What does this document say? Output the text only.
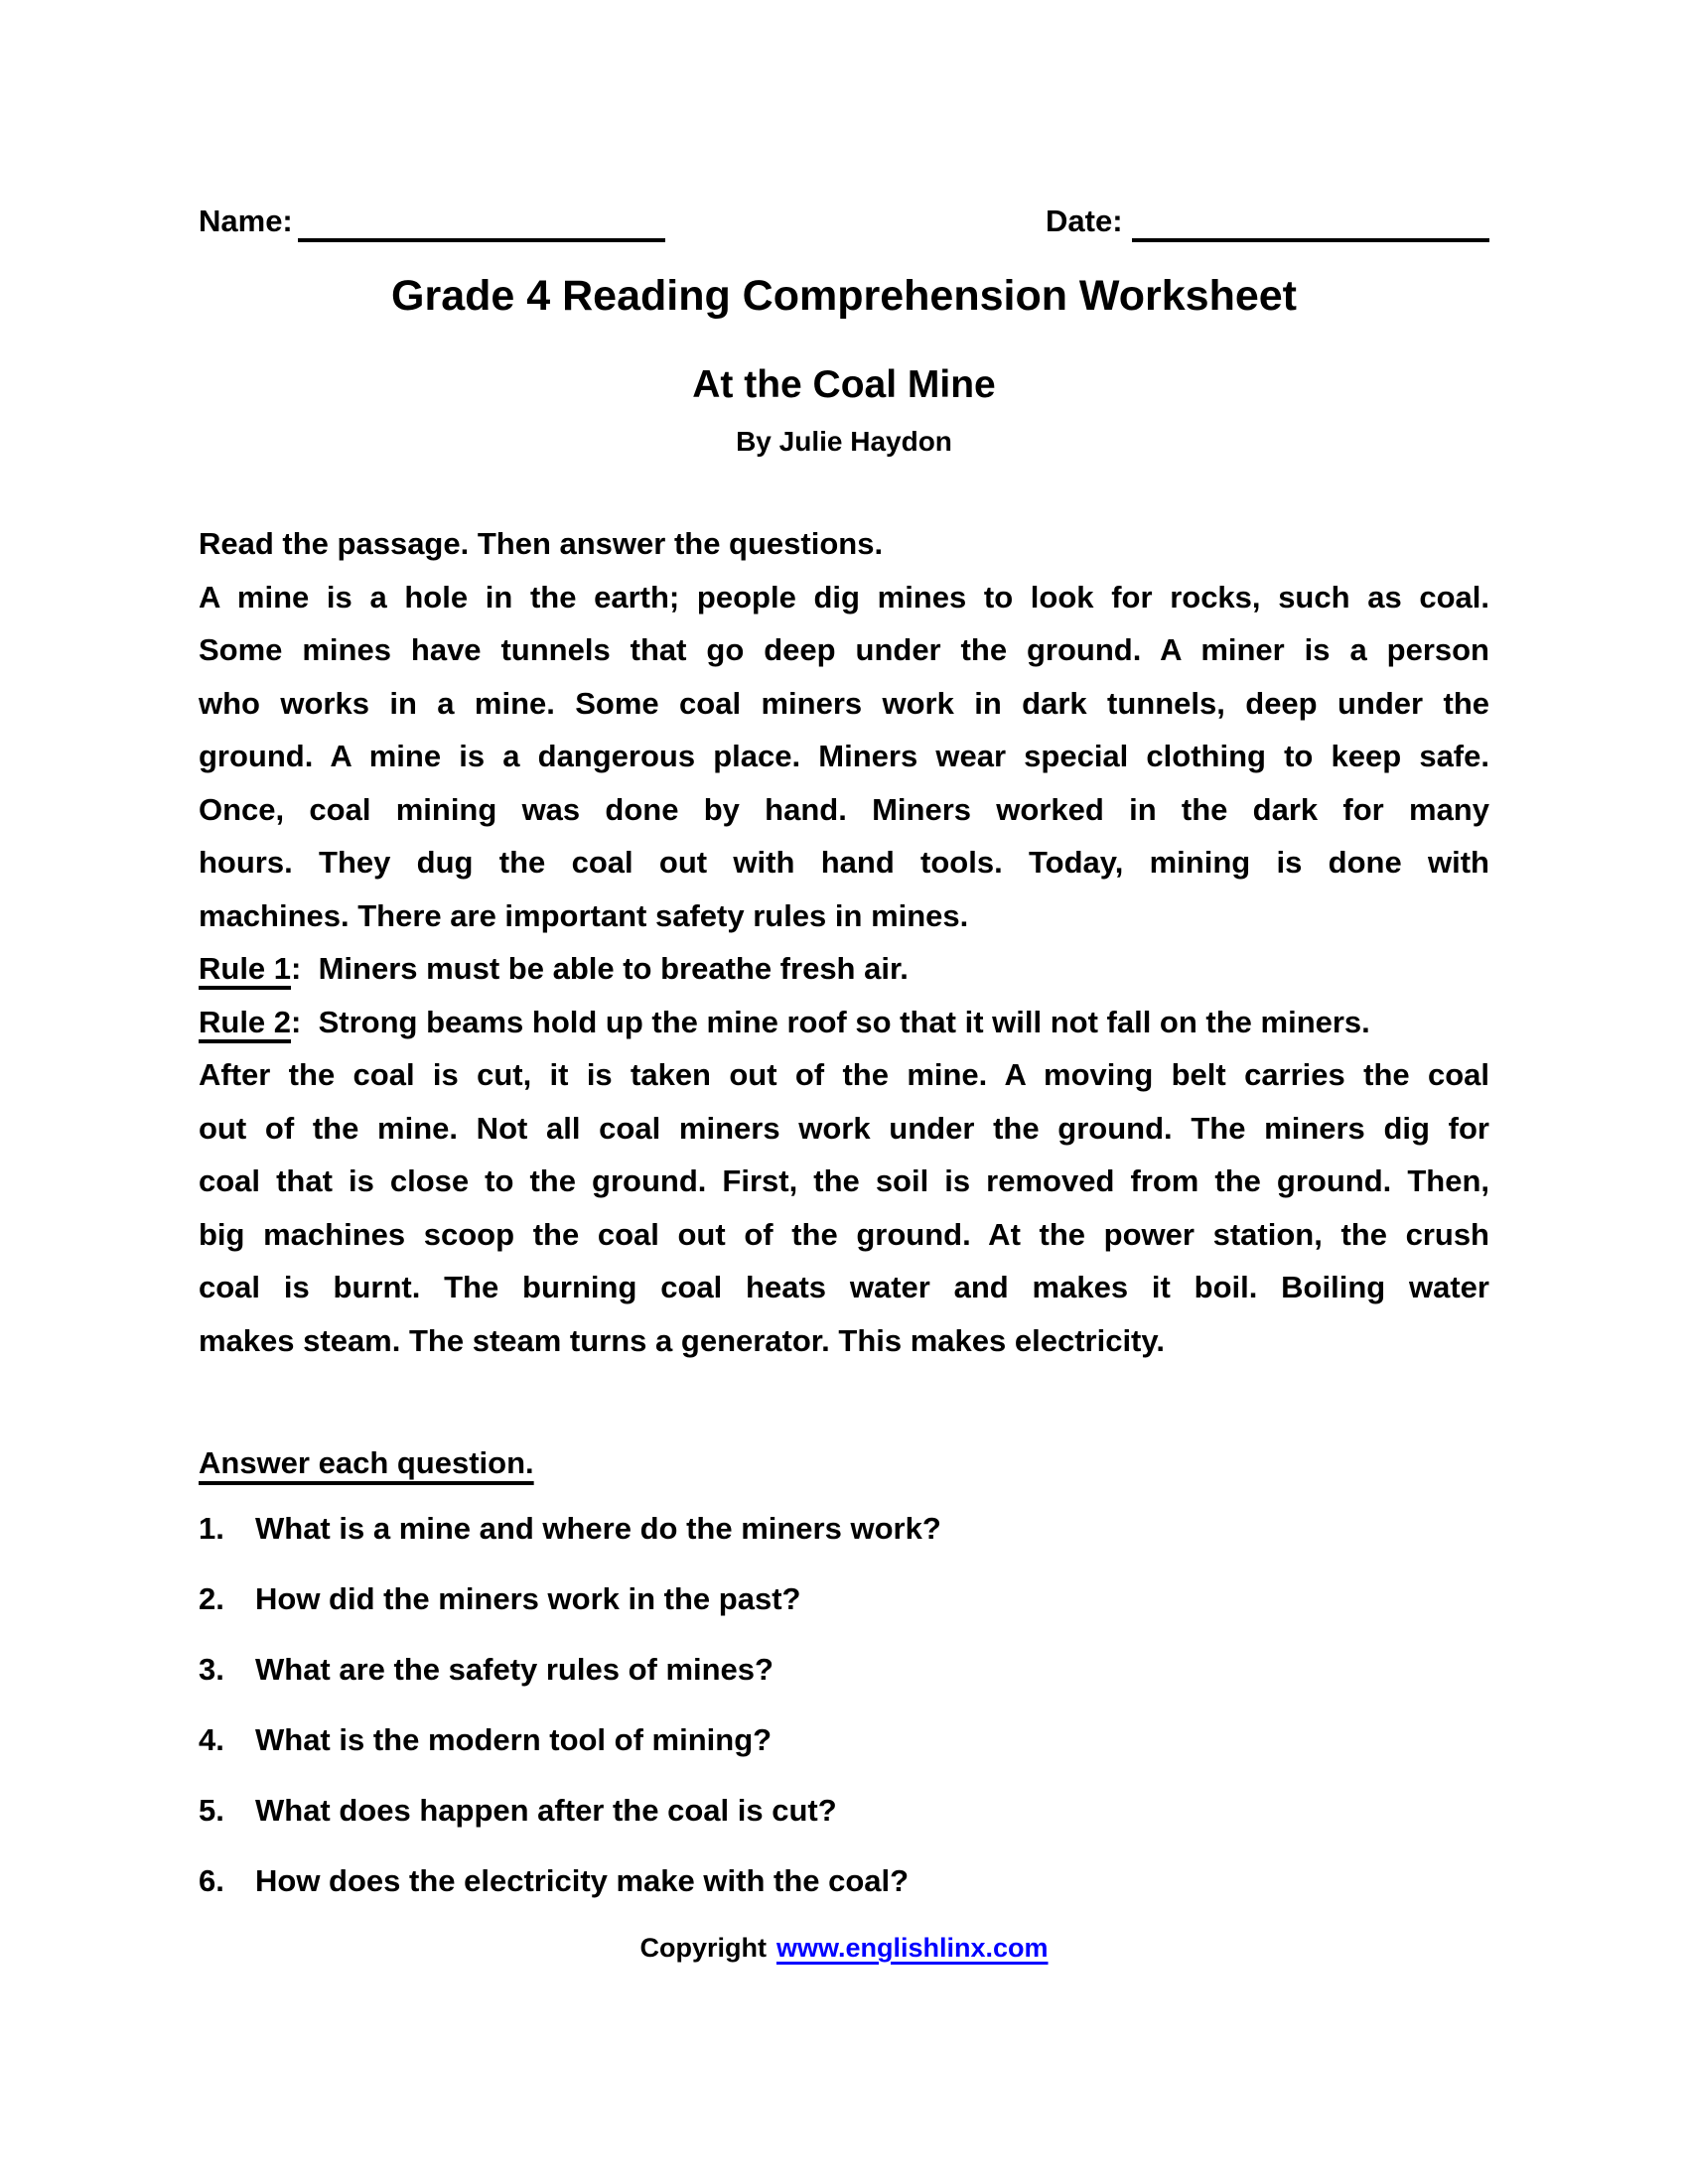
Name:	Date:
Grade 4 Reading Comprehension Worksheet
At the Coal Mine
By Julie Haydon
Read the passage. Then answer the questions.
A mine is a hole in the earth; people dig mines to look for rocks, such as coal.
Some mines have tunnels that go deep under the ground. A miner is a person
who works in a mine. Some coal miners work in dark tunnels, deep under the
ground. A mine is a dangerous place. Miners wear special clothing to keep safe.
Once, coal mining was done by hand. Miners worked in the dark for many
hours. They dug the coal out with hand tools. Today, mining is done with
machines. There are important safety rules in mines.
Rule 1:  Miners must be able to breathe fresh air.
Rule 2:  Strong beams hold up the mine roof so that it will not fall on the miners.
After the coal is cut, it is taken out of the mine. A moving belt carries the coal
out of the mine. Not all coal miners work under the ground. The miners dig for
coal that is close to the ground. First, the soil is removed from the ground. Then,
big machines scoop the coal out of the ground. At the power station, the crush
coal is burnt. The burning coal heats water and makes it boil. Boiling water
makes steam. The steam turns a generator. This makes electricity.
Answer each question.
1.	What is a mine and where do the miners work?
2.	How did the miners work in the past?
3.	What are the safety rules of mines?
4.	What is the modern tool of mining?
5.	What does happen after the coal is cut?
6.	How does the electricity make with the coal?
Copyright www.englishlinx.com
